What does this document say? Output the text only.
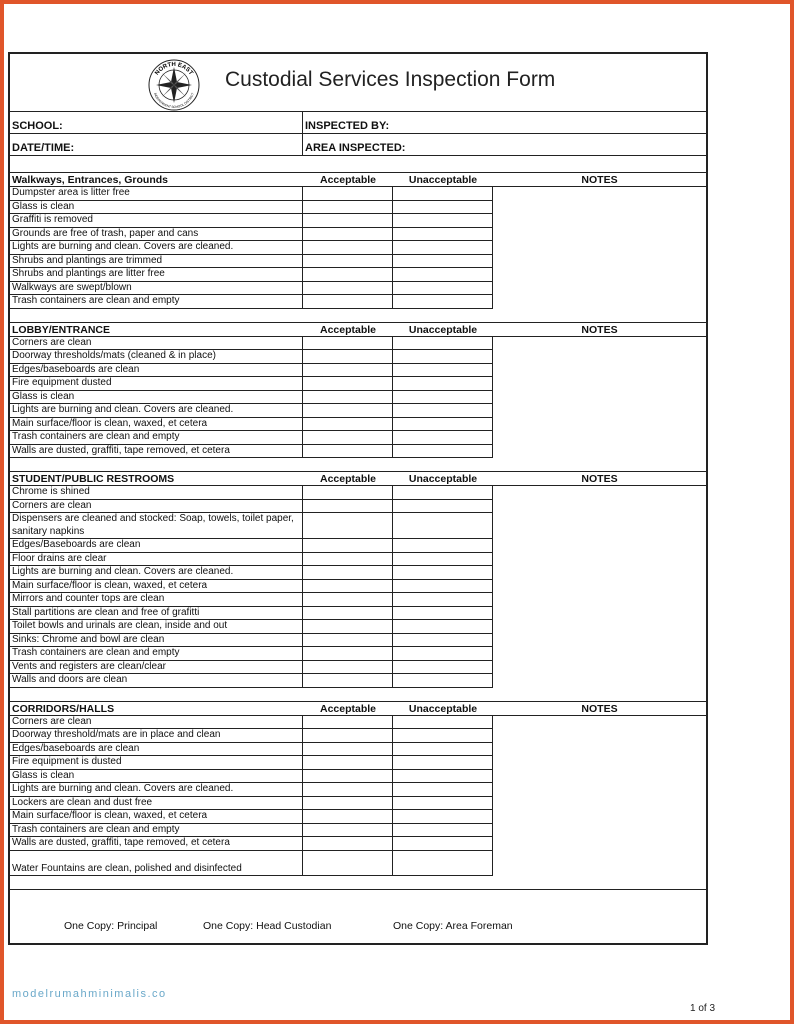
NORTH EAST
INDEPENDENT SCHOOL DISTRICT
Custodial Services Inspection Form
SCHOOL:	INSPECTED BY:
DATE/TIME:	AREA INSPECTED:
Walkways, Entrances, Grounds	Acceptable	Unacceptable	NOTES
Dumpster area is litter free
Glass is clean
Graffiti is removed
Grounds are free of trash, paper and cans
Lights are burning and clean. Covers are cleaned.
Shrubs and plantings are trimmed
Shrubs and plantings are litter free
Walkways are swept/blown
Trash containers are clean and empty
LOBBY/ENTRANCE	Acceptable	Unacceptable	NOTES
Corners are clean
Doorway thresholds/mats (cleaned & in place)
Edges/baseboards are clean
Fire equipment dusted
Glass is clean
Lights are burning and clean. Covers are cleaned.
Main surface/floor is clean, waxed, et cetera
Trash containers are clean and empty
Walls are dusted, graffiti, tape removed, et cetera
STUDENT/PUBLIC RESTROOMS	Acceptable	Unacceptable	NOTES
Chrome is shined
Corners are clean
Dispensers are cleaned and stocked: Soap, towels, toilet paper, sanitary napkins
Edges/Baseboards are clean
Floor drains are clear
Lights are burning and clean. Covers are cleaned.
Main surface/floor is clean, waxed, et cetera
Mirrors and counter tops are clean
Stall partitions are clean and free of grafitti
Toilet bowls and urinals are clean, inside and out
Sinks: Chrome and bowl are clean
Trash containers are clean and empty
Vents and registers are clean/clear
Walls and doors are clean
CORRIDORS/HALLS	Acceptable	Unacceptable	NOTES
Corners are clean
Doorway threshold/mats are in place and clean
Edges/baseboards are clean
Fire equipment is dusted
Glass is clean
Lights are burning and clean. Covers are cleaned.
Lockers are clean and dust free
Main surface/floor is clean, waxed, et cetera
Trash containers are clean and empty
Walls are dusted, graffiti, tape removed, et cetera
Water Fountains are clean, polished and disinfected
One Copy: Principal	One Copy: Head Custodian	One Copy: Area Foreman
modelrumahminimalis.co
1 of 3
